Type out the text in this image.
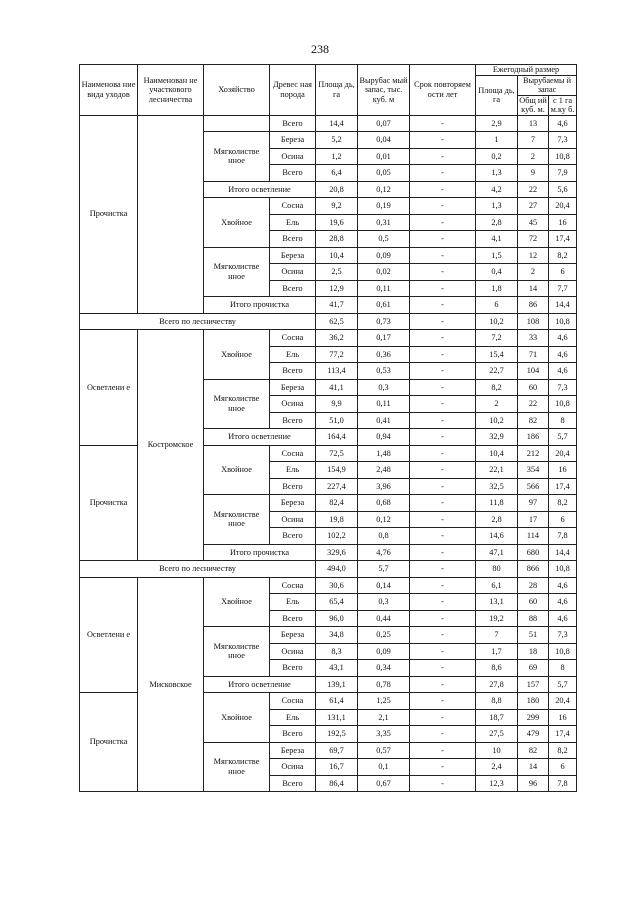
238
Наименова ние вида уходов	Наименован не участкового лесничества	Хозяйство	Древес ная порода	Площа дь, га	Вырубас мый запас, тыс. куб. м	Срок повторяем ости лет	Ежегодный размер		
							Площа дь, га	Вырубаемы й запас	
								Общ ий куб. м.	с 1 га м.ку б.
Прочистка			Всего	14,4	0,07	-	2,9	13	4,6
		Мягколистве нное	Береза	5,2	0,04	-	1	7	7,3
			Осина	1,2	0,01	-	0,2	2	10,8
			Всего	6,4	0,05	-	1,3	9	7,9
		Итого осветление		20,8	0,12	-	4,2	22	5,6
		Хвойное	Сосна	9,2	0,19	-	1,3	27	20,4
			Ель	19,6	0,31	-	2,8	45	16
			Всего	28,8	0,5	-	4,1	72	17,4
		Мягколистве нное	Береза	10,4	0,09	-	1,5	12	8,2
			Осина	2,5	0,02	-	0,4	2	6
			Всего	12,9	0,11	-	1,8	14	7,7
		Итого прочистка		41,7	0,61	-	6	86	14,4
Всего по лесничеству				62,5	0,73	-	10,2	108	10,8
Осветлени е	Костромское	Хвойное	Сосна	36,2	0,17	-	7,2	33	4,6
			Ель	77,2	0,36	-	15,4	71	4,6
			Всего	113,4	0,53	-	22,7	104	4,6
		Мягколистве нное	Береза	41,1	0,3	-	8,2	60	7,3
			Осина	9,9	0,11	-	2	22	10,8
			Всего	51,0	0,41	-	10,2	82	8
		Итого осветление		164,4	0,94	-	32,9	186	5,7
Прочистка		Хвойное	Сосна	72,5	1,48	-	10,4	212	20,4
			Ель	154,9	2,48	-	22,1	354	16
			Всего	227,4	3,96	-	32,5	566	17,4
		Мягколистве нное	Береза	82,4	0,68	-	11,8	97	8,2
			Осина	19,8	0,12	-	2,8	17	6
			Всего	102,2	0,8	-	14,6	114	7,8
		Итого прочистка		329,6	4,76	-	47,1	680	14,4
Всего по лесничеству				494,0	5,7	-	80	866	10,8
Осветлени е	Мисковское	Хвойное	Сосна	30,6	0,14	-	6,1	28	4,6
			Ель	65,4	0,3	-	13,1	60	4,6
			Всего	96,0	0,44	-	19,2	88	4,6
		Мягколистве нное	Береза	34,8	0,25	-	7	51	7,3
			Осина	8,3	0,09	-	1,7	18	10,8
			Всего	43,1	0,34	-	8,6	69	8
		Итого осветление		139,1	0,78	-	27,8	157	5,7
Прочистка		Хвойное	Сосна	61,4	1,25	-	8,8	180	20,4
			Ель	131,1	2,1	-	18,7	299	16
			Всего	192,5	3,35	-	27,5	479	17,4
		Мягколистве нное	Береза	69,7	0,57	-	10	82	8,2
			Осина	16,7	0,1	-	2,4	14	6
			Всего	86,4	0,67	-	12,3	96	7,8
